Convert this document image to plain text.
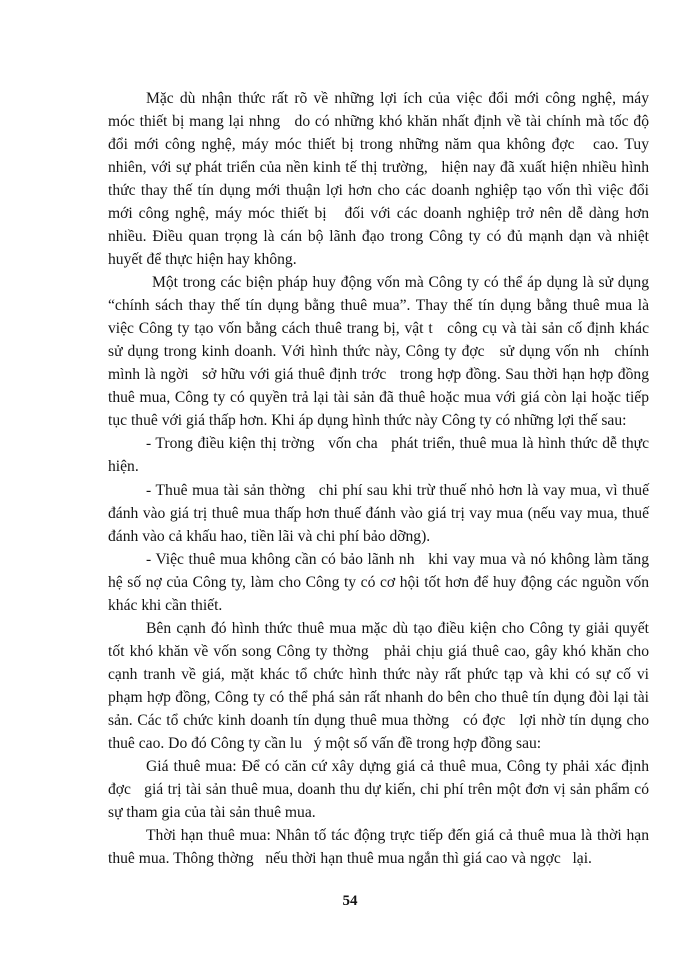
Mặc dù nhận thức rất rõ về những lợi ích của việc đổi mới công nghệ, máy
móc thiết bị mang lại nhng   do có những khó khăn nhất định về tài chính mà tốc độ
đổi mới công nghệ, máy móc thiết bị trong những năm qua không đợc   cao. Tuy
nhiên, với sự phát triển của nền kinh tế thị trường,   hiện nay đã xuất hiện nhiều hình
thức thay thế tín dụng mới thuận lợi hơn cho các doanh nghiệp tạo vốn thì việc đổi
mới công nghệ, máy móc thiết bị   đối với các doanh nghiệp trở nên dễ dàng hơn
nhiều. Điều quan trọng là cán bộ lãnh đạo trong Công ty có đủ mạnh dạn và nhiệt
huyết để thực hiện hay không.
Một trong các biện pháp huy động vốn mà Công ty có thể áp dụng là sử dụng
“chính sách thay thế tín dụng bằng thuê mua”. Thay thế tín dụng bằng thuê mua là
việc Công ty tạo vốn bằng cách thuê trang bị, vật t   công cụ và tài sản cố định khác
sử dụng trong kinh doanh. Với hình thức này, Công ty đợc   sử dụng vốn nh   chính
mình là ngời   sở hữu với giá thuê định trớc   trong hợp đồng. Sau thời hạn hợp đồng
thuê mua, Công ty có quyền trả lại tài sản đã thuê hoặc mua với giá còn lại hoặc tiếp
tục thuê với giá thấp hơn. Khi áp dụng hình thức này Công ty có những lợi thế sau:
- Trong điều kiện thị trờng   vốn cha   phát triển, thuê mua là hình thức dễ thực
hiện.
- Thuê mua tài sản thờng   chi phí sau khi trừ thuế nhỏ hơn là vay mua, vì thuế
đánh vào giá trị thuê mua thấp hơn thuế đánh vào giá trị vay mua (nếu vay mua, thuế
đánh vào cả khấu hao, tiền lãi và chi phí bảo dỡng).
- Việc thuê mua không cần có bảo lãnh nh   khi vay mua và nó không làm tăng
hệ số nợ của Công ty, làm cho Công ty có cơ hội tốt hơn để huy động các nguồn vốn
khác khi cần thiết.
Bên cạnh đó hình thức thuê mua mặc dù tạo điều kiện cho Công ty giải quyết
tốt khó khăn về vốn song Công ty thờng   phải chịu giá thuê cao, gây khó khăn cho
cạnh tranh về giá, mặt khác tổ chức hình thức này rất phức tạp và khi có sự cố vi
phạm hợp đồng, Công ty có thể phá sản rất nhanh do bên cho thuê tín dụng đòi lại tài
sản. Các tổ chức kinh doanh tín dụng thuê mua thờng   có đợc   lợi nhờ tín dụng cho
thuê cao. Do đó Công ty cần lu   ý một số vấn đề trong hợp đồng sau:
Giá thuê mua: Để có căn cứ xây dựng giá cả thuê mua, Công ty phải xác định
đợc   giá trị tài sản thuê mua, doanh thu dự kiến, chi phí trên một đơn vị sản phẩm có
sự tham gia của tài sản thuê mua.
Thời hạn thuê mua: Nhân tố tác động trực tiếp đến giá cả thuê mua là thời hạn
thuê mua. Thông thờng   nếu thời hạn thuê mua ngắn thì giá cao và ngợc   lại.
54
